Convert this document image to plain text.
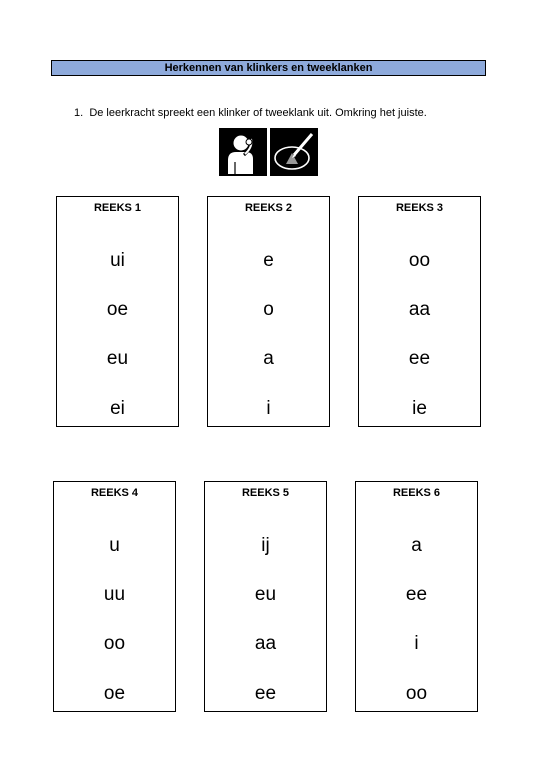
Herkennen van klinkers en tweeklanken
1. De leerkracht spreekt een klinker of tweeklank uit. Omkring het juiste.
REEKS 1
ui
oe
eu
ei
REEKS 2
e
o
a
i
REEKS 3
oo
aa
ee
ie
REEKS 4
u
uu
oo
oe
REEKS 5
ij
eu
aa
ee
REEKS 6
a
ee
i
oo
